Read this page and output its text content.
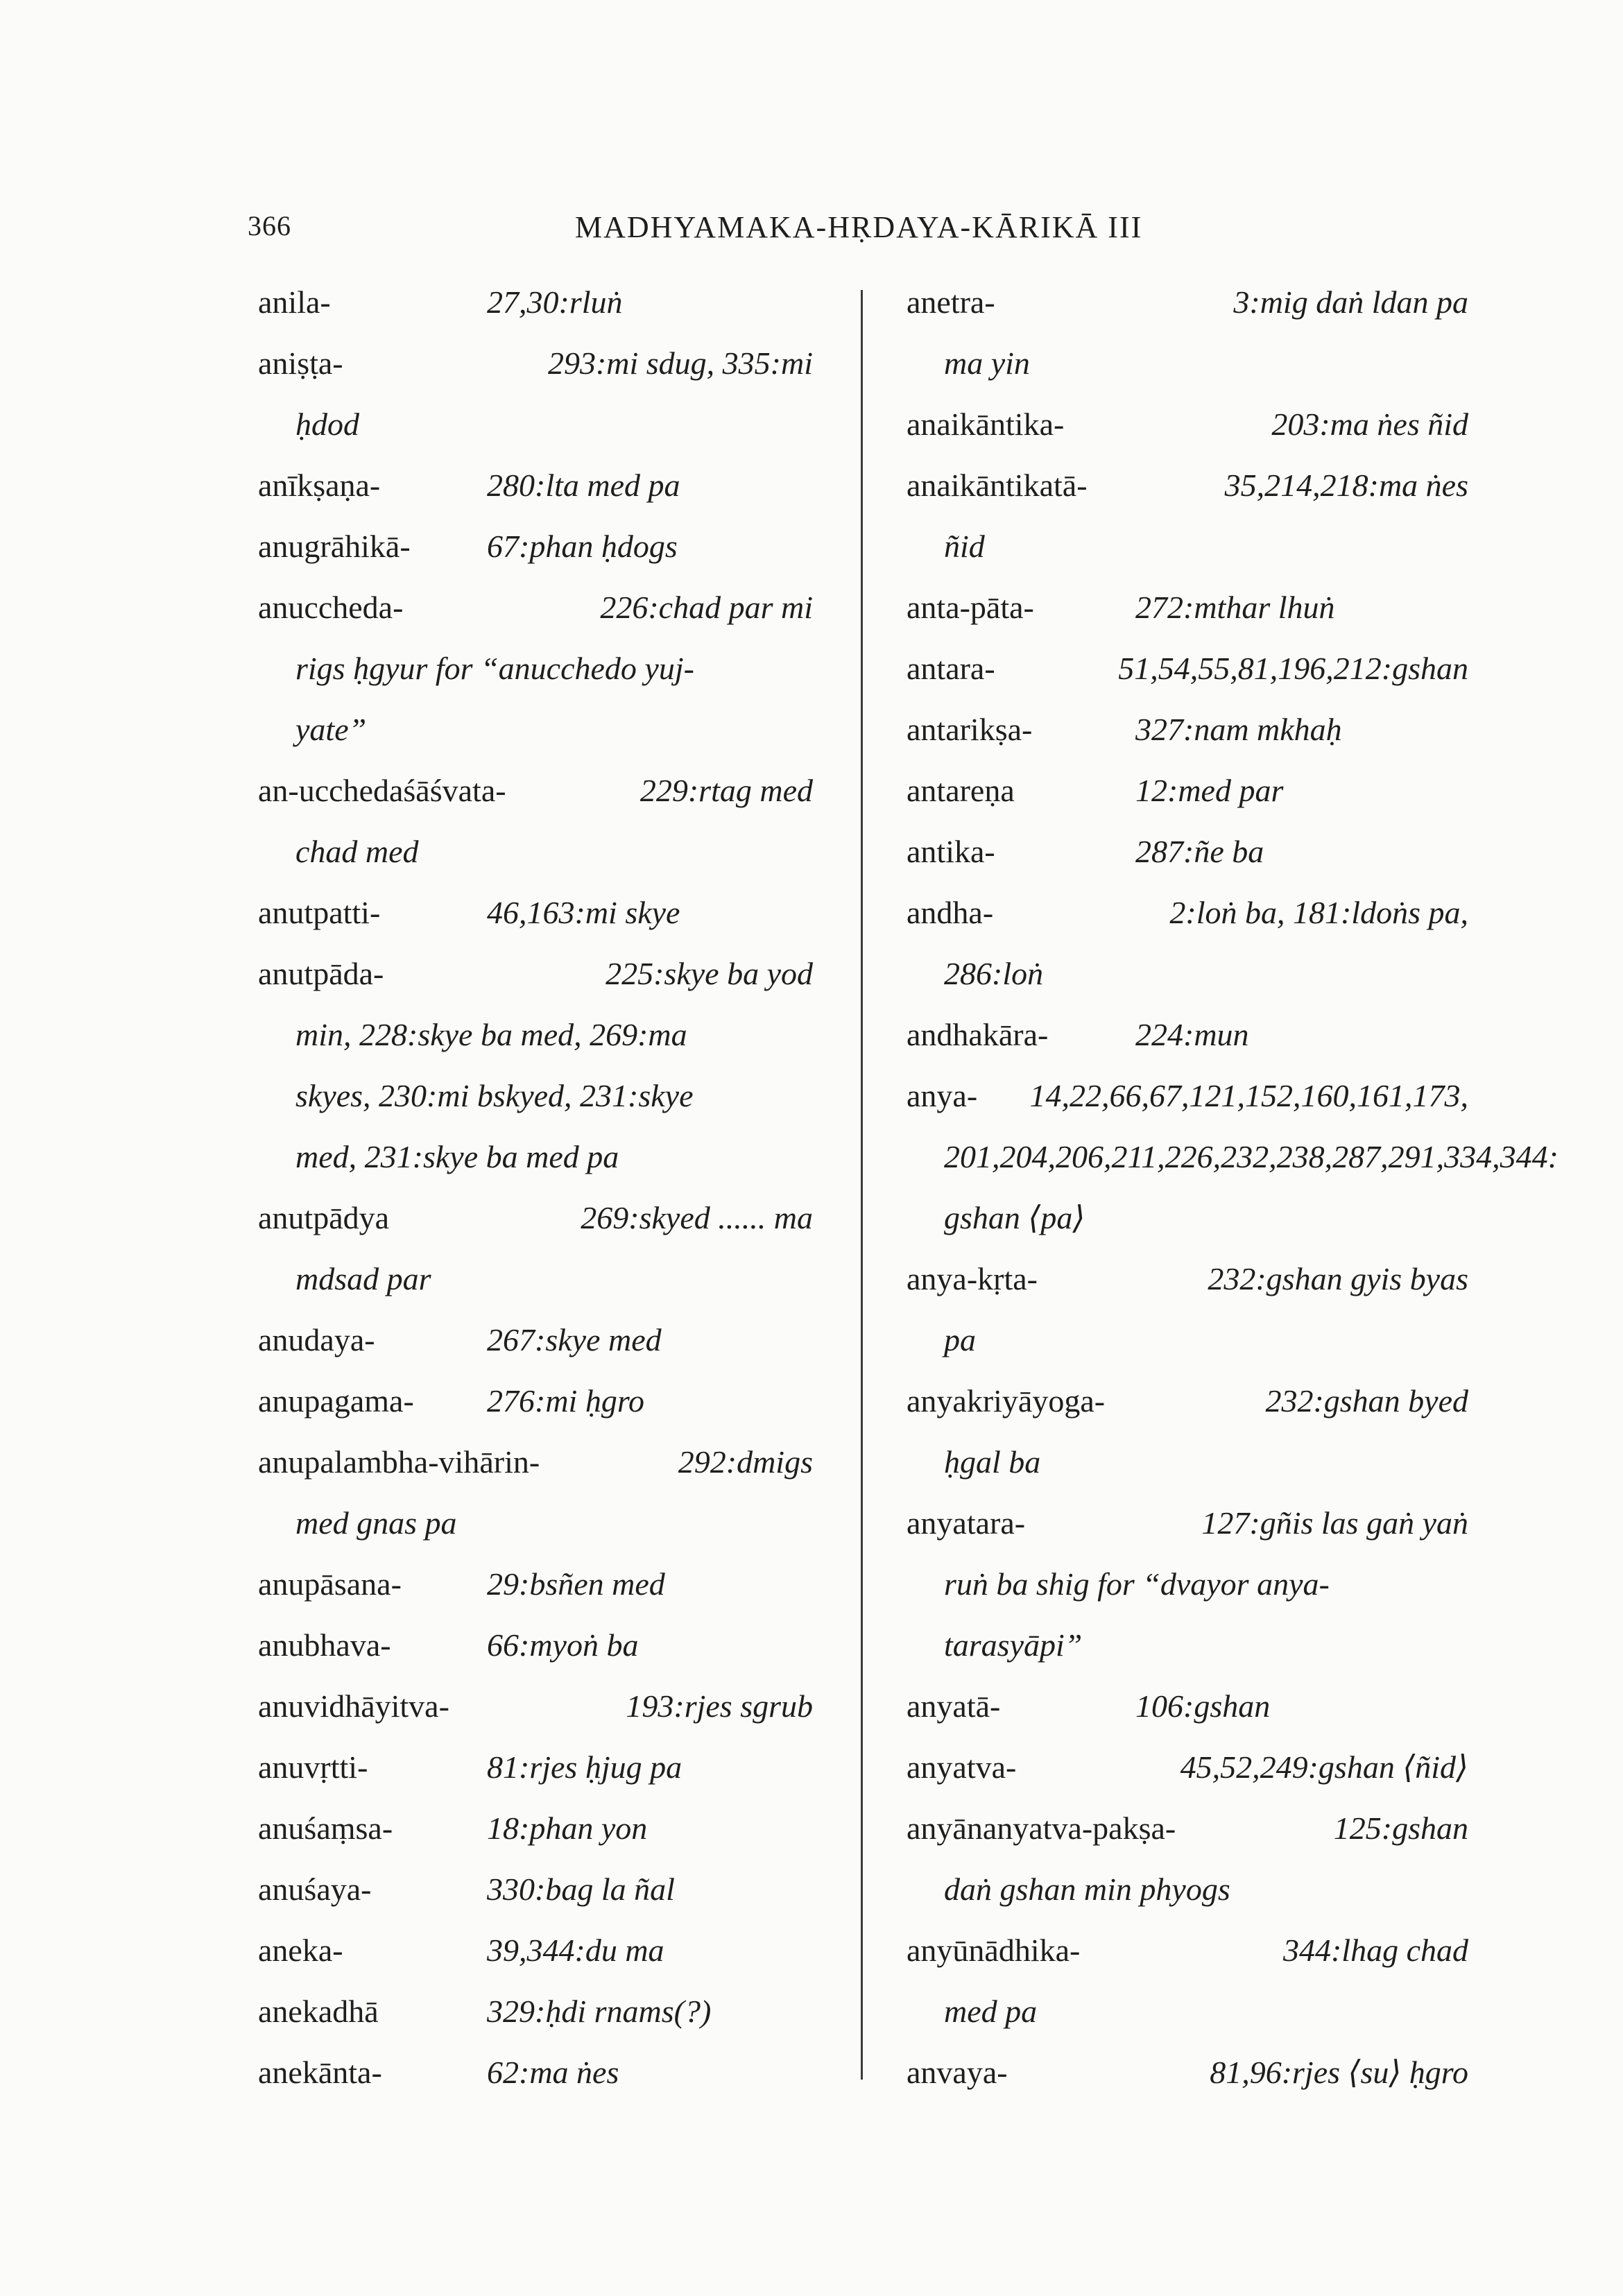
366	MADHYAMAKA-HṚDAYA-KĀRIKĀ III
anila-	27,30:rluṅ
aniṣṭa-	293:mi sdug, 335:mi
ḥdod
anīkṣaṇa-	280:lta med pa
anugrāhikā-	67:phan ḥdogs
anuccheda-	226:chad par mi
rigs ḥgyur for “anucchedo yuj-
yate”
an-ucchedaśāśvata-	229:rtag med
chad med
anutpatti-	46,163:mi skye
anutpāda-	225:skye ba yod
min, 228:skye ba med, 269:ma
skyes, 230:mi bskyed, 231:skye
med, 231:skye ba med pa
anutpādya	269:skyed ...... ma
mdsad par
anudaya-	267:skye med
anupagama-	276:mi ḥgro
anupalambha-vihārin-	292:dmigs
med gnas pa
anupāsana-	29:bsñen med
anubhava-	66:myoṅ ba
anuvidhāyitva-	193:rjes sgrub
anuvṛtti-	81:rjes ḥjug pa
anuśaṃsa-	18:phan yon
anuśaya-	330:bag la ñal
aneka-	39,344:du ma
anekadhā	329:ḥdi rnams(?)
anekānta-	62:ma ṅes
anetra-	3:mig daṅ ldan pa
ma yin
anaikāntika-	203:ma ṅes ñid
anaikāntikatā-	35,214,218:ma ṅes
ñid
anta-pāta-	272:mthar lhuṅ
antara-	51,54,55,81,196,212:gshan
antarikṣa-	327:nam mkhaḥ
antareṇa	12:med par
antika-	287:ñe ba
andha-	2:loṅ ba, 181:ldoṅs pa,
286:loṅ
andhakāra-	224:mun
anya- 14,22,66,67,121,152,160,161,173,
201,204,206,211,226,232,238,287,291,334,344:
gshan ⟨pa⟩
anya-kṛta-	232:gshan gyis byas
pa
anyakriyāyoga-	232:gshan byed
ḥgal ba
anyatara-	127:gñis las gaṅ yaṅ
ruṅ ba shig for “dvayor anya-
tarasyāpi”
anyatā-	106:gshan
anyatva-	45,52,249:gshan ⟨ñid⟩
anyānanyatva-pakṣa-	125:gshan
daṅ gshan min phyogs
anyūnādhika-	344:lhag chad
med pa
anvaya-	81,96:rjes ⟨su⟩ ḥgro
